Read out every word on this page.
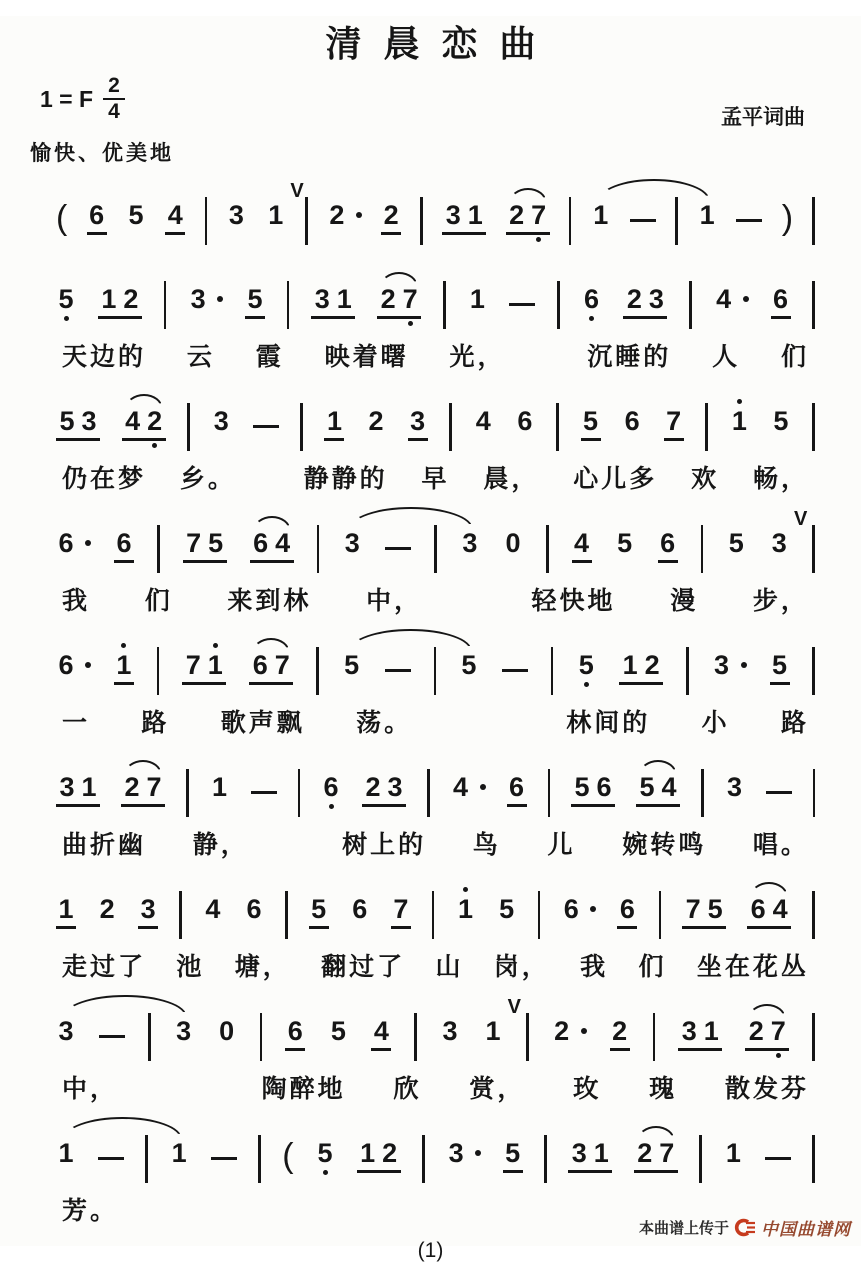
清晨恋曲
1 = F $\frac{2}{4}$	孟平词曲
愉快、优美地
( 6 5 4 3 1
V
2 2 3 1 2 7 1	1 )
5 1 2 3 5 3 1 2 7 1	6 2 3 4 6
天边的 云 霞 映着曙 光，	沉睡的 人 们
5 3 4 2 3	1 2 3 4 6 5 6 7 1 5
仍在梦 乡。	静静的 早 晨， 心儿多 欢 畅，
6 6 7 5 6 4 3	3 0 4 5 6 5 3
V
我 们 来到林 中，	轻快地 漫 步，
6 1 7 1 6 7 5	5	5 1 2 3 5
一 路 歌声飘 荡。	林间的 小 路
3 1 2 7 1	6 2 3 4 6 5 6 5 4 3
曲折幽 静，	树上的 鸟 儿 婉转鸣 唱。
1 2 3 4 6 5 6 7 1 5 6 6 7 5 6 4
走过了 池 塘， 翻过了 山 岗， 我 们 坐在花丛
3	3 0 6 5 4 3 1
V
2 2 3 1 2 7
中，	陶醉地 欣 赏， 玫 瑰 散发芬
1	1	( 5 1 2 3 5 3 1 2 7 1
芳。
(1)
本曲谱上传于 中国曲谱网
